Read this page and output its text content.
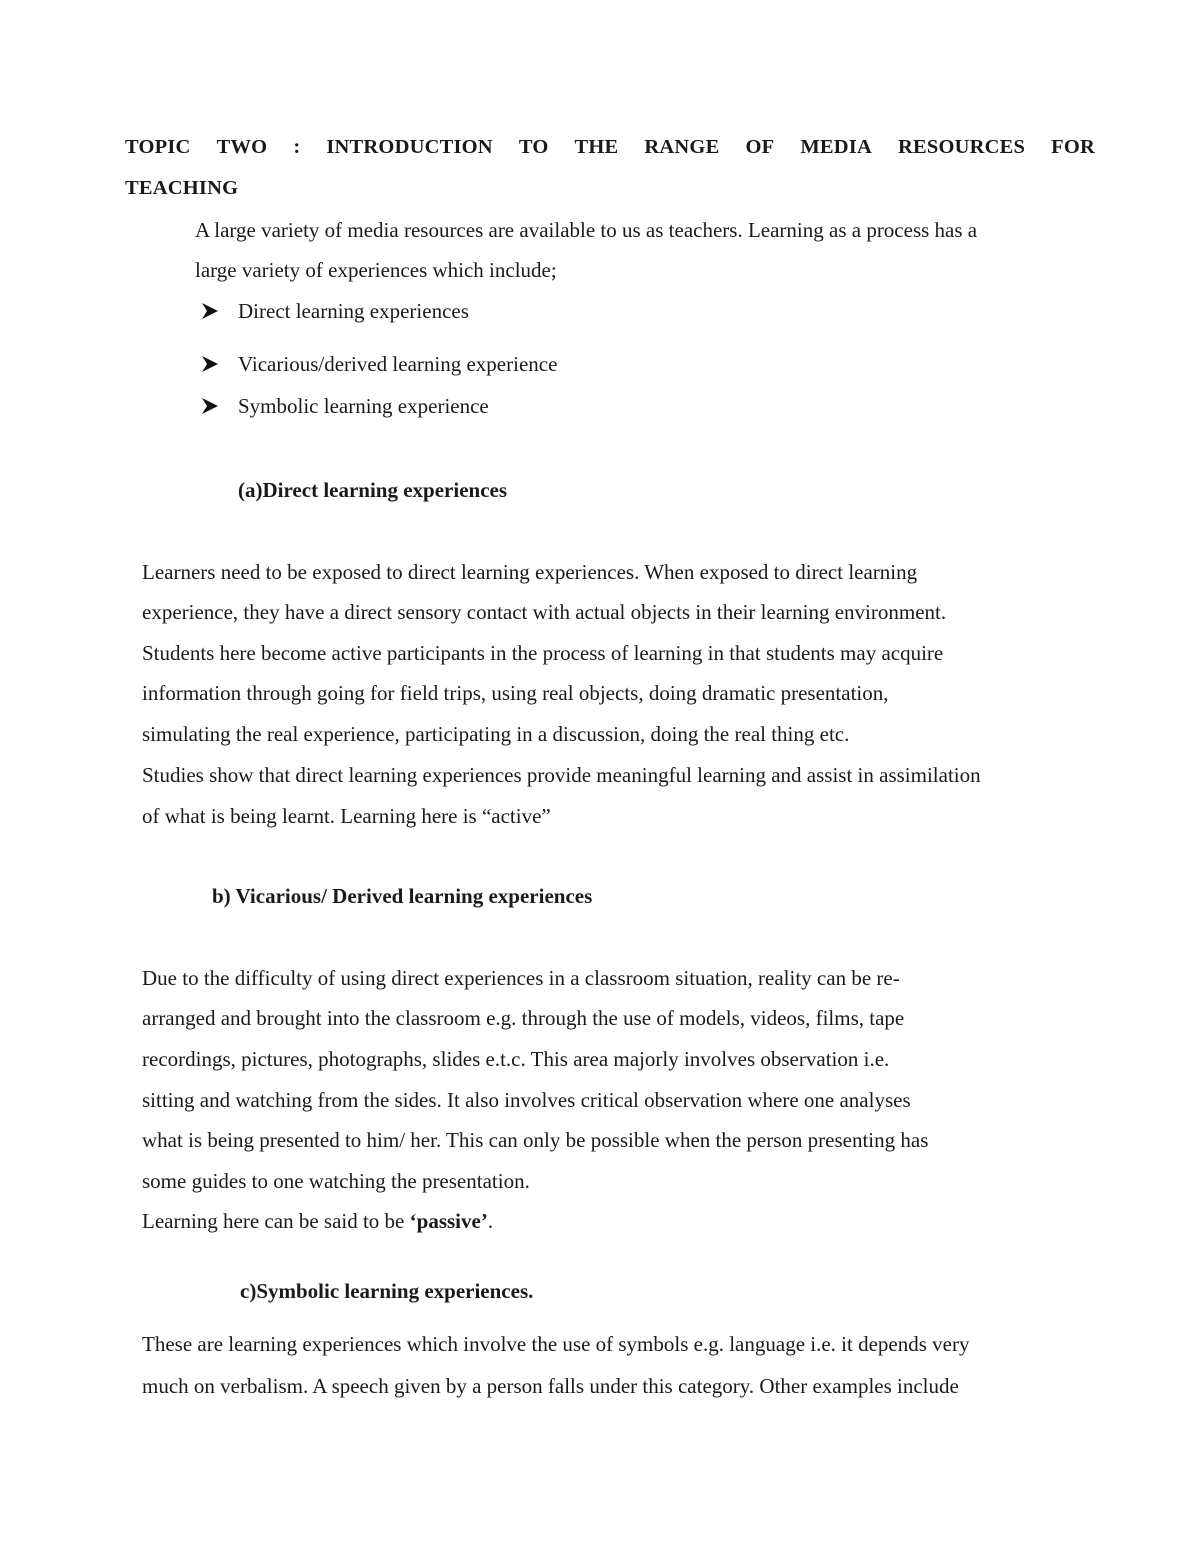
TOPIC TWO : INTRODUCTION TO THE RANGE OF MEDIA RESOURCES FOR
TEACHING
A large variety of media resources are available to us as teachers. Learning as a process has a
large variety of experiences which include;
Direct learning experiences
Vicarious/derived learning experience
Symbolic learning experience
(a)Direct learning experiences
Learners need to be exposed to direct learning experiences. When exposed to direct learning
experience, they have a direct sensory contact with actual objects in their learning environment.
Students here become active participants in the process of learning in that students may acquire
information through going for field trips, using real objects, doing dramatic presentation,
simulating the real experience, participating in a discussion, doing the real thing etc.
Studies show that direct learning experiences provide meaningful learning and assist in assimilation
of what is being learnt. Learning here is “active”
b) Vicarious/ Derived learning experiences
Due to the difficulty of using direct experiences in a classroom situation, reality can be re-
arranged and brought into the classroom e.g. through the use of models, videos, films, tape
recordings, pictures, photographs, slides e.t.c. This area majorly involves observation i.e.
sitting and watching from the sides. It also involves critical observation where one analyses
what is being presented to him/ her. This can only be possible when the person presenting has
some guides to one watching the presentation.
Learning here can be said to be ‘passive’.
c)Symbolic learning experiences.
These are learning experiences which involve the use of symbols e.g. language i.e. it depends very
much on verbalism. A speech given by a person falls under this category. Other examples include
